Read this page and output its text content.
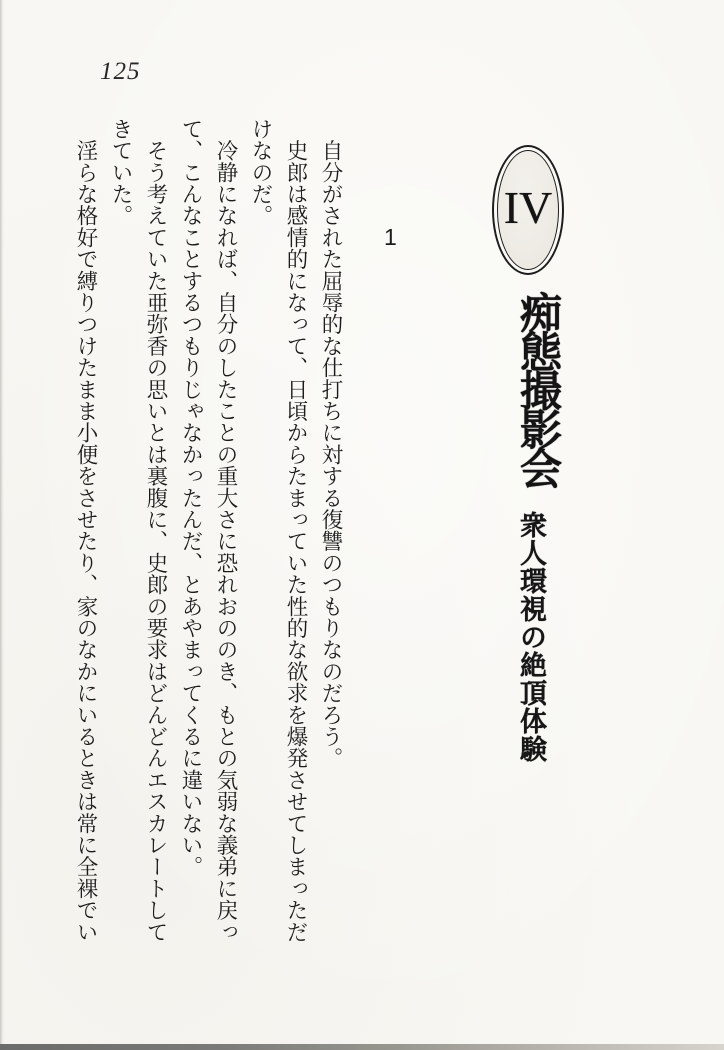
125
IV
痴態撮影会
衆人環視の絶頂体験
1
　自分がされた屈辱的な仕打ちに対する復讐のつもりなのだろう。
　史郎は感情的になって、日頃からたまっていた性的な欲求を爆発させてしまっただ
けなのだ。
　冷静になれば、自分のしたことの重大さに恐れおののき、もとの気弱な義弟に戻っ
て、こんなことするつもりじゃなかったんだ、とあやまってくるに違いない。
　そう考えていた亜弥香の思いとは裏腹に、史郎の要求はどんどんエスカレートして
きていた。
　淫らな格好で縛りつけたまま小便をさせたり、家のなかにいるときは常に全裸でい
